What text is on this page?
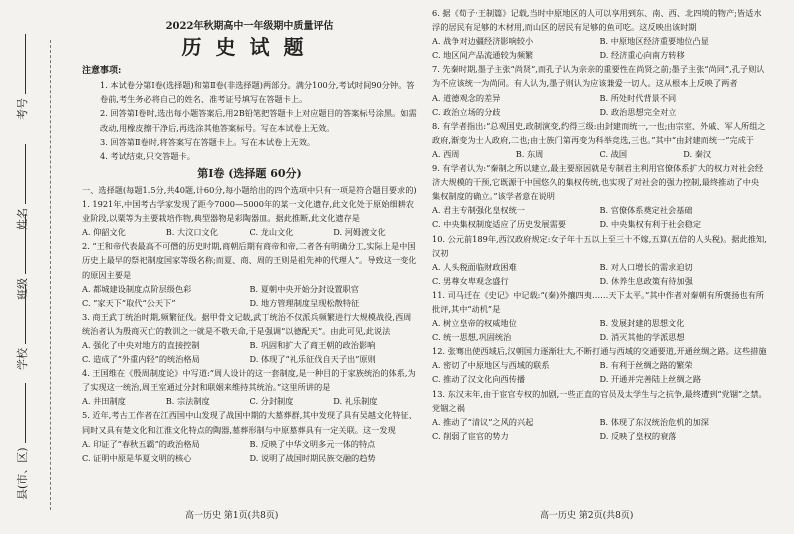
考号
姓名
班级
学校
县(市、区)
2022年秋期高中一年级期中质量评估
历史试题
注意事项:
1. 本试卷分第Ⅰ卷(选择题)和第Ⅱ卷(非选择题)两部分。满分100分,考试时间90分钟。答卷前,考生务必将自己的姓名、准考证号填写在答题卡上。
2. 回答第Ⅰ卷时,选出每小题答案后,用2B铅笔把答题卡上对应题目的答案标号涂黑。如需改动,用橡皮擦干净后,再选涂其他答案标号。写在本试卷上无效。
3. 回答第Ⅱ卷时,将答案写在答题卡上。写在本试卷上无效。
4. 考试结束,只交答题卡。
第Ⅰ卷 (选择题 60分)
一、选择题(每题1.5分,共40题,计60分,每小题给出的四个选项中只有一项是符合题目要求的)
1. 1921年,中国考古学家发现了距今7000—5000年的某一文化遗存,此文化处于原始细耕农业阶段,以粟等为主要栽培作物,典型器物是彩陶器皿。据此推断,此文化遗存是
A. 仰韶文化	B. 大汶口文化	C. 龙山文化	D. 河姆渡文化
2. “王和帝代表最高不可僭的历史时期,商朝后期有商帝和帝,二者各有明确分工,实际上是中国历史上最早的祭祀制度国家等级名称;而夏、商、周的王则是祖先神的代理人”。导致这一变化的原因主要是
A. 都城建设制度点阶层级色彩	B. 夏朝中央开始分封设置职官
C. “家天下”取代“公天下”	D. 地方管理制度呈现松散特征
3. 商王武丁统治时期,频繁征伐。据甲骨文记载,武丁统治不仅派兵频繁进行大规模战役,西周统治者认为殷商灭亡的教训之一就是不敬天命,于是强调“以德配天”。由此可见,此说法
A. 强化了中央对地方的直接控制	B. 巩固和扩大了商王朝的政治影响
C. 造成了“外重内轻”的统治格局	D. 体现了“礼乐征伐自天子出”原则
4. 王国维在《殷周制度论》中写道:“周人设计的这一套制度,是一种目的于家族统治的体系,为了实现这一统治,周王室通过分封和联姻来维持其统治。”这里所讲的是
A. 井田制度	B. 宗法制度	C. 分封制度	D. 礼乐制度
5. 近年,考古工作者在江西国中山发现了战国中期的大墓葬群,其中发现了具有吴越文化特征、同时又具有楚文化和江淮文化特点的陶器,墓葬形制与中原墓葬具有一定关联。这一发现
A. 印证了“春秋五霸”的政治格局	B. 反映了中华文明多元一体的特点
C. 证明中原是华夏文明的核心	D. 说明了战国时期民族交融的趋势
6. 据《荀子·王制篇》记载,当时中原地区的人可以享用到东、南、西、北四境的物产;皆适水浮的居民有足够的木材用,而山区的居民有足够的鱼可吃。这反映出该时期
A. 战争对边疆经济影响较小	B. 中原地区经济重要地位凸显
C. 地区间产品流通较为频繁	D. 经济重心向南方转移
7. 先秦时期,墨子主张“尚贤”,而孔子认为亲亲的重要性在尚贤之前;墨子主张“尚同”,孔子则认为不应该统一为尚同。有人认为,墨子则认为应该兼爱一切人。这从根本上反映了两者
A. 道德观念的差异	B. 所处时代背景不同
C. 政治立场的分歧	D. 政治思想完全对立
8. 有学者指出:“总观国史,政制演变,约得三级:由封建而统一,一也;由宗室、外戚、军人所组之政府,渐变为士人政府,二也;由士族门第再变为科举竞选,三也。”其中“由封建而统一”完成于
A. 西周	B. 东周	C. 战国	D. 秦汉
9. 有学者认为:“秦制之所以建立,最主要原因就是专制君主利用官僚体系扩大的权力对社会经济大规模的干预,它既源于中国悠久的集权传统,也实现了对社会的强力控制,最终推动了中央集权制度的确立。”该学者意在说明
A. 君主专制强化皇权统一	B. 官僚体系奠定社会基础
C. 中央集权制度适应了历史发展需要	D. 中央集权有利于社会稳定
10. 公元前189年,西汉政府规定:女子年十五以上至三十不嫁,五算(五倍的人头税)。据此推知,汉初
A. 人头税面临财政困难	B. 对人口增长的需求迫切
C. 男尊女卑观念盛行	D. 休养生息政策有待加强
11. 司马迁在《史记》中记载:“(秦)外攘四夷……天下太平。”其中作者对秦朝有所褒扬也有所批评,其中“动机”是
A. 树立皇帝的权威地位	B. 发展封建的思想文化
C. 统一思想,巩固统治	D. 消灭其他的学派思想
12. 张骞出使西域后,汉朝国力逐渐壮大,不断打通与西域的交通要道,开通丝绸之路。这些措施
A. 密切了中原地区与西域的联系	B. 有利于丝绸之路的繁荣
C. 推动了汉文化向西传播	D. 开通并完善陆上丝绸之路
13. 东汉末年,由于宦官专权的加剧,一些正直的官员及太学生与之抗争,最终遭到“党锢”之禁。党锢之祸
A. 推动了“清议”之风的兴起	B. 体现了东汉统治危机的加深
C. 削弱了宦官的势力	D. 反映了皇权的衰落
高一历史 第1页(共8页)	高一历史 第2页(共8页)
